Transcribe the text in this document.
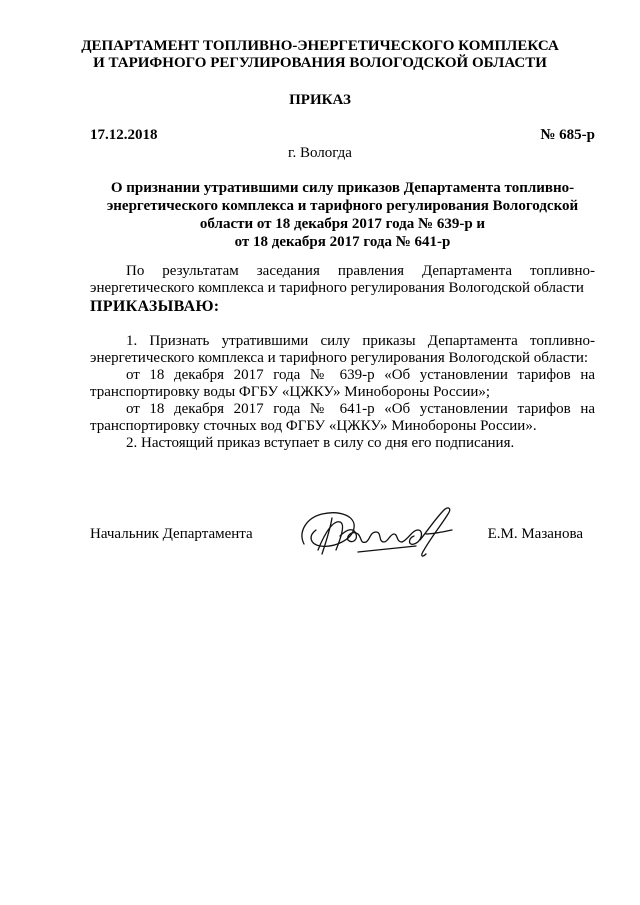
ДЕПАРТАМЕНТ ТОПЛИВНО-ЭНЕРГЕТИЧЕСКОГО КОМПЛЕКСА
И ТАРИФНОГО РЕГУЛИРОВАНИЯ ВОЛОГОДСКОЙ ОБЛАСТИ
ПРИКАЗ
17.12.2018	№ 685-р
г. Вологда
О признании утратившими силу приказов Департамента топливно-
энергетического комплекса и тарифного регулирования Вологодской
области от 18 декабря 2017 года № 639-р и
от 18 декабря 2017 года № 641-р

По результатам заседания правления Департамента топливно-энергетического комплекса и тарифного регулирования Вологодской области

ПРИКАЗЫВАЮ:

1. Признать утратившими силу приказы Департамента топливно-энергетического комплекса и тарифного регулирования Вологодской области:

от 18 декабря 2017 года № 639-р «Об установлении тарифов на транспортировку воды ФГБУ «ЦЖКУ» Минобороны России»;

от 18 декабря 2017 года № 641-р «Об установлении тарифов на транспортировку сточных вод ФГБУ «ЦЖКУ» Минобороны России».

2. Настоящий приказ вступает в силу со дня его подписания.

Начальник Департамента	Е.М. Мазанова
